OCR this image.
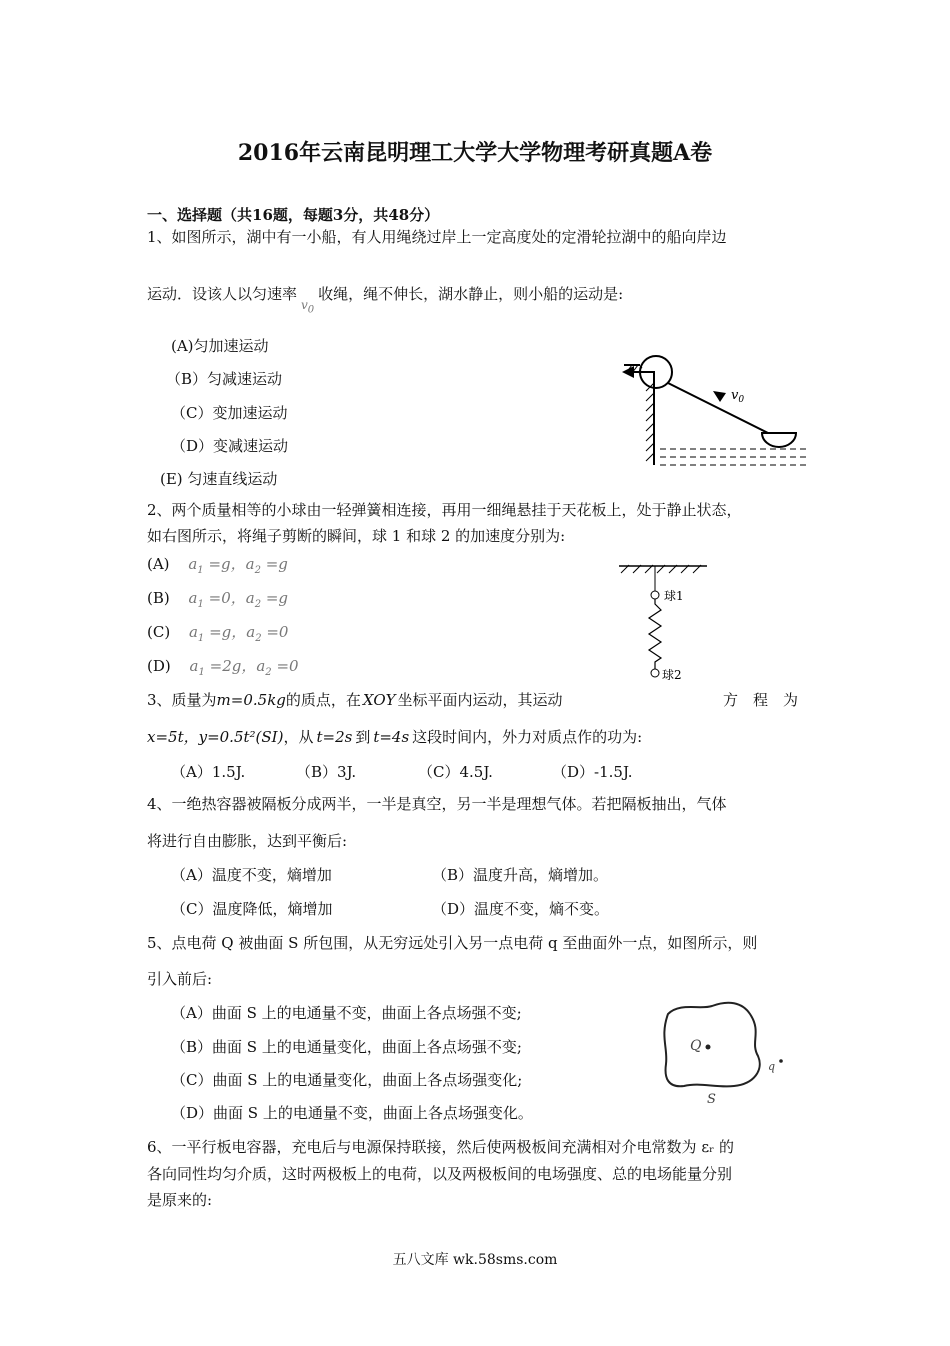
2016年云南昆明理工大学大学物理考研真题A卷
一、选择题（共16题，每题3分，共48分）
1、如图所示，湖中有一小船，有人用绳绕过岸上一定高度处的定滑轮拉湖中的船向岸边
运动．设该人以匀速率$_{v_0}$收绳，绳不伸长，湖水静止，则小船的运动是:
(A)匀加速运动
（B）匀减速运动
（C）变加速运动
（D）变减速运动
(E) 匀速直线运动
$v_0$
2、两个质量相等的小球由一轻弹簧相连接，再用一细绳悬挂于天花板上，处于静止状态，
如右图所示，将绳子剪断的瞬间，球 1 和球 2 的加速度分别为:
(A) $a_1 =g$，$a_2 =g$
(B) $a_1 =0$，$a_2 =g$
(C) $a_1 =g$，$a_2 =0$
(D) $a_1 =2g$，$a_2 =0$
球1
球2
3、质量为m=0.5kg的质点，在 XOY 坐标平面内运动，其运动	方　程　为
x=5t，y=0.5t²(SI)，从 t=2s 到 t=4s 这段时间内，外力对质点作的功为:
（A）1.5J.	（B）3J.	（C）4.5J.	（D）-1.5J.
4、一绝热容器被隔板分成两半，一半是真空，另一半是理想气体。若把隔板抽出，气体
将进行自由膨胀，达到平衡后:
（A）温度不变，熵增加	（B）温度升高，熵增加。
（C）温度降低，熵增加	（D）温度不变，熵不变。
5、点电荷 Q 被曲面 S 所包围，从无穷远处引入另一点电荷 q 至曲面外一点，如图所示，则
引入前后:
（A）曲面 S 上的电通量不变，曲面上各点场强不变;
（B）曲面 S 上的电通量变化，曲面上各点场强不变;
（C）曲面 S 上的电通量变化，曲面上各点场强变化;
（D）曲面 S 上的电通量不变，曲面上各点场强变化。
Q
q
S
6、一平行板电容器，充电后与电源保持联接，然后使两极板间充满相对介电常数为 εᵣ 的
各向同性均匀介质，这时两极板上的电荷，以及两极板间的电场强度、总的电场能量分别
是原来的:
五八文库 wk.58sms.com
